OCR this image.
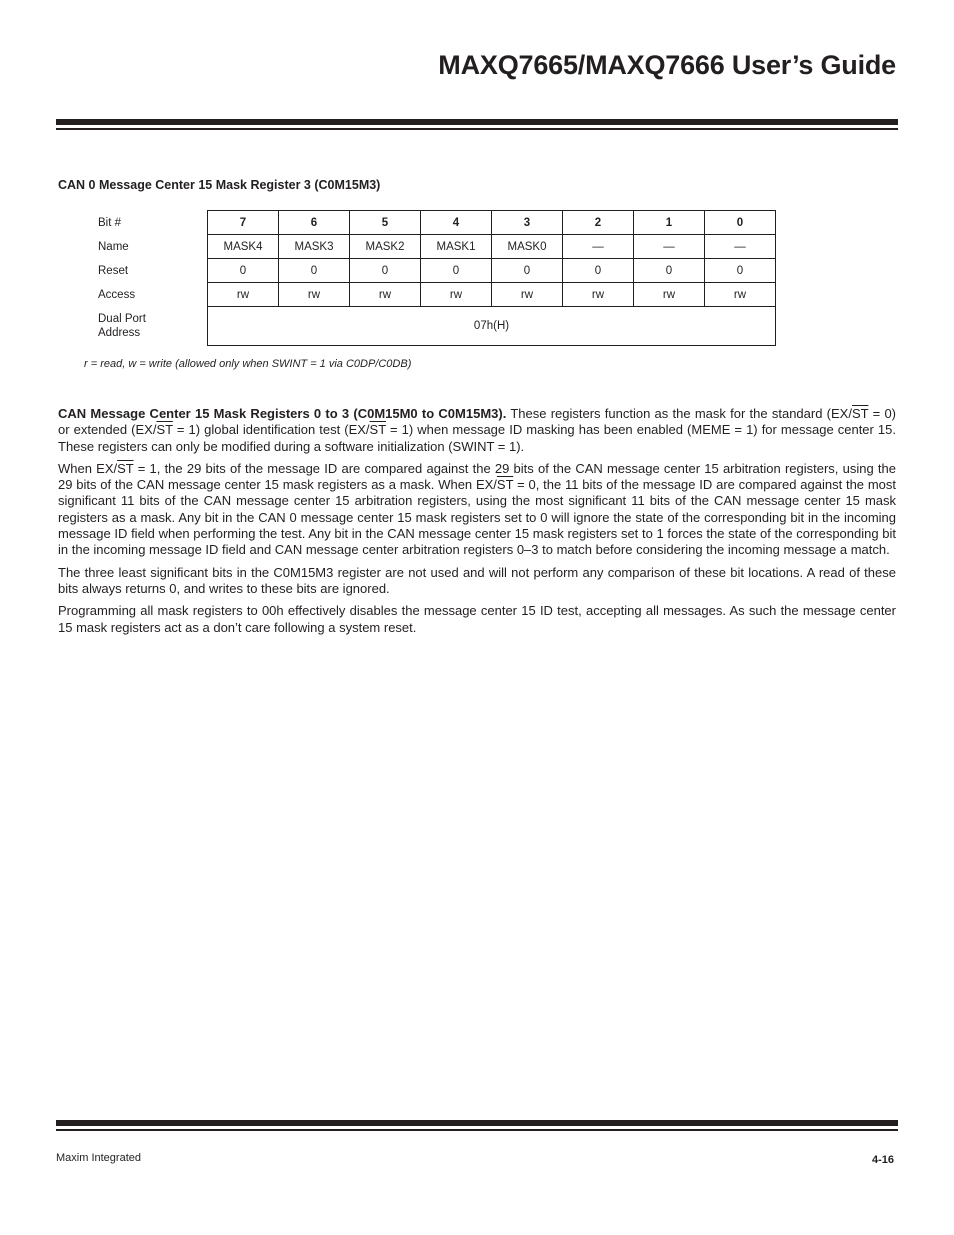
MAXQ7665/MAXQ7666 User’s Guide
CAN 0 Message Center 15 Mask Register 3 (C0M15M3)
Bit #	7	6	5	4	3	2	1	0
Name	MASK4	MASK3	MASK2	MASK1	MASK0	—	—	—
Reset	0	0	0	0	0	0	0	0
Access	rw	rw	rw	rw	rw	rw	rw	rw
Dual Port
Address	07h(H)							

r = read, w = write (allowed only when SWINT = 1 via C0DP/C0DB)

CAN Message Center 15 Mask Registers 0 to 3 (C0M15M0 to C0M15M3). These registers function as the mask for the standard $(EX/\overline{ST} = 0)$ or extended $(EX/\overline{ST} = 1)$ global identification test $(EX/\overline{ST} = 1)$ when message ID masking has been enabled (MEME = 1) for message center 15. These registers can only be modified during a software initialization (SWINT = 1).

When $EX/\overline{ST} = 1$, the 29 bits of the message ID are compared against the 29 bits of the CAN message center 15 arbitration registers, using the 29 bits of the CAN message center 15 mask registers as a mask. When $EX/\overline{ST} = 0$, the 11 bits of the message ID are compared against the most significant 11 bits of the CAN message center 15 arbitration registers, using the most significant 11 bits of the CAN message center 15 mask registers as a mask. Any bit in the CAN 0 message center 15 mask registers set to 0 will ignore the state of the corresponding bit in the incoming message ID field when performing the test. Any bit in the CAN message center 15 mask registers set to 1 forces the state of the corresponding bit in the incoming message ID field and CAN message center arbitration registers 0–3 to match before considering the incoming message a match.

The three least significant bits in the C0M15M3 register are not used and will not perform any comparison of these bit locations. A read of these bits always returns 0, and writes to these bits are ignored.

Programming all mask registers to 00h effectively disables the message center 15 ID test, accepting all messages. As such the message center 15 mask registers act as a don’t care following a system reset.

Maxim Integrated	4-16
